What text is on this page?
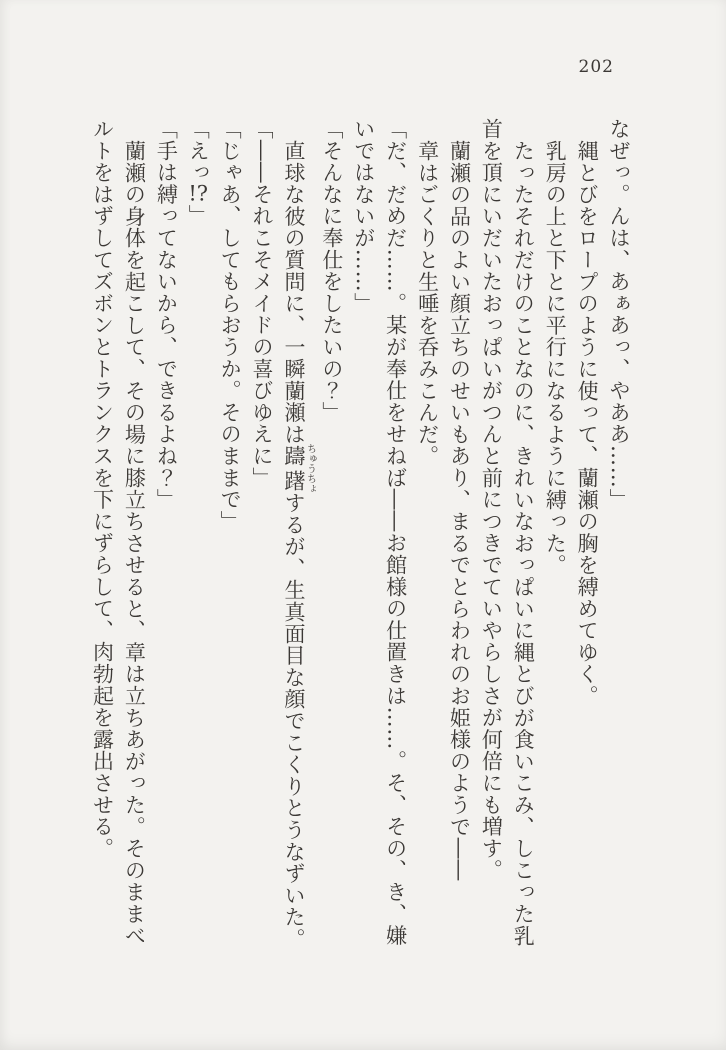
202

なぜっ。んは、あぁあっ、やああ……」

縄とびをロープのように使って、蘭瀬の胸を縛めてゆく。

乳房の上と下とに平行になるように縛った。

たったそれだけのことなのに、きれいなおっぱいに縄とびが食いこみ、しこった乳

首を頂にいだいたおっぱいがつんと前につきでていやらしさが何倍にも増す。

蘭瀬の品のよい顔立ちのせいもあり、まるでとらわれのお姫様のようで――

章はごくりと生唾を呑みこんだ。

「だ、だめだ……。某が奉仕をせねば――お館様の仕置きは……。そ、その、き、嫌

いではないが……」

「そんなに奉仕をしたいの？」

直球な彼の質問に、一瞬蘭瀬は躊躇ちゅうちょするが、生真面目な顔でこくりとうなずいた。

「――それこそメイドの喜びゆえに」

「じゃあ、してもらおうか。そのままで」

「えっ!?」

「手は縛ってないから、できるよね？」

蘭瀬の身体を起こして、その場に膝立ちさせると、章は立ちあがった。そのままべ

ルトをはずしてズボンとトランクスを下にずらして、肉勃起を露出させる。
